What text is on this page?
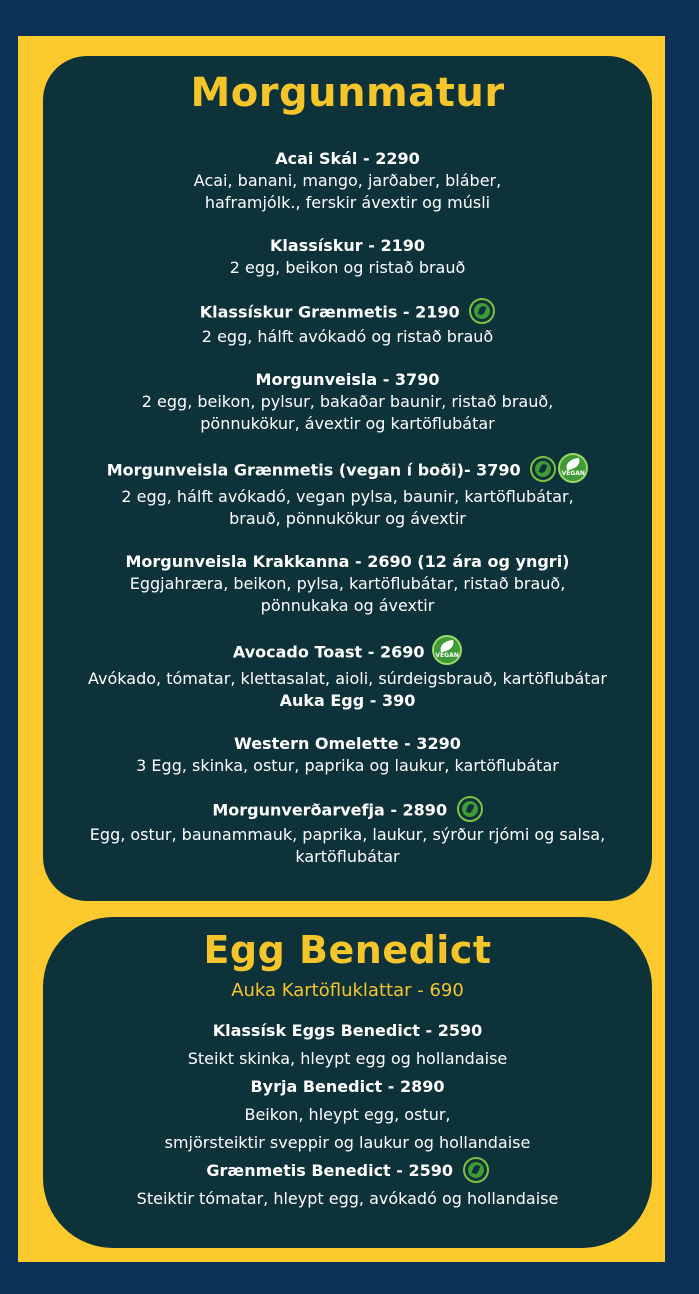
Morgunmatur
Acai Skál - 2290
Acai, banani, mango, jarðaber, bláber,
haframjólk., ferskir ávextir og músli
Klassískur - 2190
2 egg, beikon og ristað brauð
Klassískur Grænmetis - 2190
2 egg, hálft avókadó og ristað brauð
Morgunveisla - 3790
2 egg, beikon, pylsur, bakaðar baunir, ristað brauð,
pönnukökur, ávextir og kartöflubátar
Morgunveisla Grænmetis (vegan í boði)- 3790	VEGAN
2 egg, hálft avókadó, vegan pylsa, baunir, kartöflubátar,
brauð, pönnukökur og ávextir
Morgunveisla Krakkanna - 2690 (12 ára og yngri)
Eggjahræra, beikon, pylsa, kartöflubátar, ristað brauð,
pönnukaka og ávextir
Avocado Toast - 2690 VEGAN
Avókado, tómatar, klettasalat, aioli, súrdeigsbrauð, kartöflubátar
Auka Egg - 390
Western Omelette - 3290
3 Egg, skinka, ostur, paprika og laukur, kartöflubátar
Morgunverðarvefja - 2890
Egg, ostur, baunammauk, paprika, laukur, sýrður rjómi og salsa,
kartöflubátar
Egg Benedict
Auka Kartöfluklattar - 690
Klassísk Eggs Benedict - 2590
Steikt skinka, hleypt egg og hollandaise
Byrja Benedict - 2890
Beikon, hleypt egg, ostur,
smjörsteiktir sveppir og laukur og hollandaise
Grænmetis Benedict - 2590
Steiktir tómatar, hleypt egg, avókadó og hollandaise
